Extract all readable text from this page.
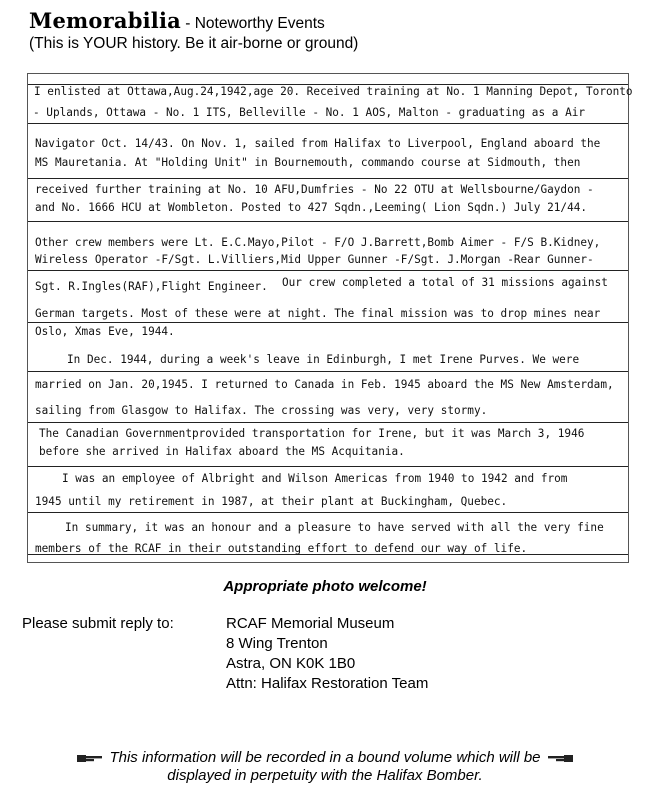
Memorabilia - Noteworthy Events
(This is YOUR history. Be it air-borne or ground)
I enlisted at Ottawa,Aug.24,1942,age 20. Received training at No. 1 Manning Depot, Toronto
- Uplands, Ottawa - No. 1 ITS, Belleville - No. 1 AOS, Malton - graduating as a Air
Navigator Oct. 14/43. On Nov. 1, sailed from Halifax to Liverpool, England aboard the
MS Mauretania. At "Holding Unit" in Bournemouth, commando course at Sidmouth, then
received further training at No. 10 AFU,Dumfries - No 22 OTU at Wellsbourne/Gaydon -
and No. 1666 HCU at Wombleton. Posted to 427 Sqdn.,Leeming( Lion Sqdn.) July 21/44.
Other crew members were Lt. E.C.Mayo,Pilot - F/O J.Barrett,Bomb Aimer - F/S B.Kidney,
Wireless Operator -F/Sgt. L.Villiers,Mid Upper Gunner -F/Sgt. J.Morgan -Rear Gunner-
Our crew completed a total of 31 missions against
Sgt. R.Ingles(RAF),Flight Engineer.
German targets. Most of these were at night. The final mission was to drop mines near
Oslo, Xmas Eve, 1944.
In Dec. 1944, during a week's leave in Edinburgh, I met Irene Purves. We were
married on Jan. 20,1945. I returned to Canada in Feb. 1945 aboard the MS New Amsterdam,
sailing from Glasgow to Halifax. The crossing was very, very stormy.
The Canadian Governmentprovided transportation for Irene, but it was March 3, 1946
before she arrived in Halifax aboard the MS Acquitania.
I was an employee of Albright and Wilson Americas from 1940 to 1942 and from
1945 until my retirement in 1987, at their plant at Buckingham, Quebec.
In summary, it was an honour and a pleasure to have served with all the very fine
members of the RCAF in their outstanding effort to defend our way of life.
Appropriate photo welcome!
Please submit reply to:	RCAF Memorial Museum
8 Wing Trenton
Astra, ON K0K 1B0
Attn: Halifax Restoration Team
This information will be recorded in a bound volume which will be
displayed in perpetuity with the Halifax Bomber.
